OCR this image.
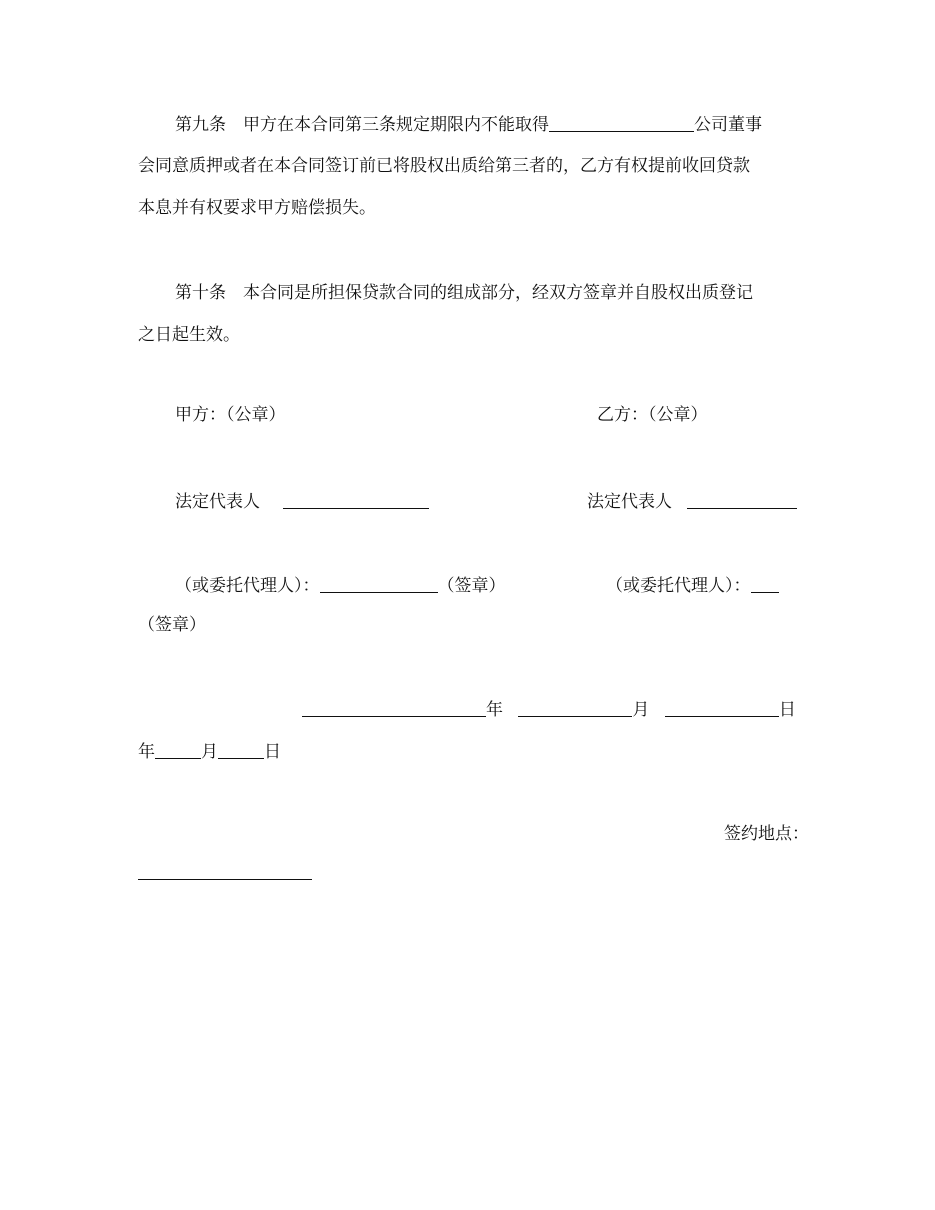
第九条　甲方在本合同第三条规定期限内不能取得	公司董事
会同意质押或者在本合同签订前已将股权出质给第三者的，乙方有权提前收回贷款
本息并有权要求甲方赔偿损失。
第十条　本合同是所担保贷款合同的组成部分，经双方签章并自股权出质登记
之日起生效。
甲方：（公章）	乙方：（公章）
法定代表人	法定代表人
（或委托代理人）：	（签章）	（或委托代理人）：
（签章）
年	月	日
年	月	日
签约地点：
